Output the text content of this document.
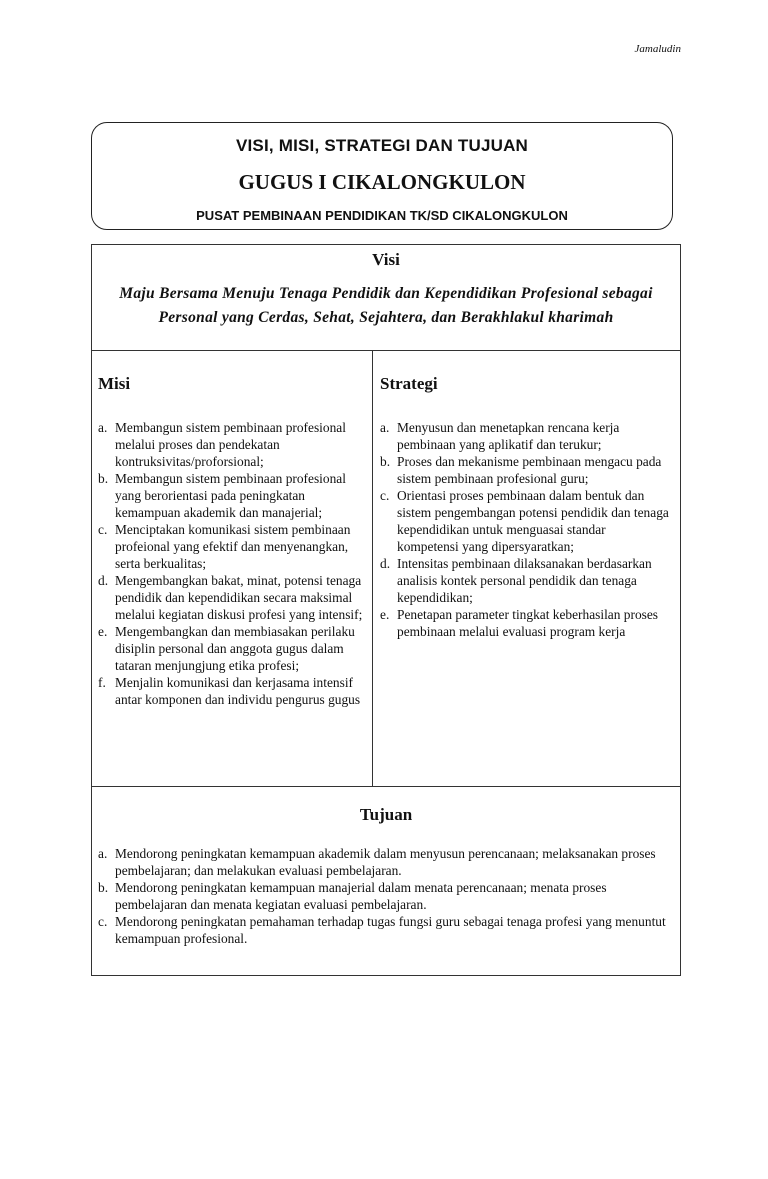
Jamaludin
VISI, MISI, STRATEGI DAN TUJUAN
GUGUS I CIKALONGKULON
PUSAT PEMBINAAN PENDIDIKAN TK/SD CIKALONGKULON
Visi
Maju Bersama Menuju Tenaga Pendidik dan Kependidikan Profesional sebagai
Personal yang Cerdas, Sehat, Sejahtera, dan Berakhlakul kharimah
Misi
a. Membangun sistem pembinaan profesional melalui proses dan pendekatan kontruksivitas/proforsional;
b. Membangun sistem pembinaan profesional yang berorientasi pada peningkatan kemampuan akademik dan manajerial;
c. Menciptakan komunikasi sistem pembinaan profeional yang efektif dan menyenangkan, serta berkualitas;
d. Mengembangkan bakat, minat, potensi tenaga pendidik dan kependidikan secara maksimal melalui kegiatan diskusi profesi yang intensif;
e. Mengembangkan dan membiasakan perilaku disiplin personal dan anggota gugus dalam tataran menjungjung etika profesi;
f. Menjalin komunikasi dan kerjasama intensif antar komponen dan individu pengurus gugus
Strategi
a. Menyusun dan menetapkan rencana kerja pembinaan yang aplikatif dan terukur;
b. Proses dan mekanisme pembinaan mengacu pada sistem pembinaan profesional guru;
c. Orientasi proses pembinaan dalam bentuk dan sistem pengembangan potensi pendidik dan tenaga kependidikan untuk menguasai standar kompetensi yang dipersyaratkan;
d. Intensitas pembinaan dilaksanakan berdasarkan analisis kontek personal pendidik dan tenaga kependidikan;
e. Penetapan parameter tingkat keberhasilan proses pembinaan melalui evaluasi program kerja
Tujuan
a. Mendorong peningkatan kemampuan akademik dalam menyusun perencanaan; melaksanakan proses pembelajaran; dan melakukan evaluasi pembelajaran.
b. Mendorong peningkatan kemampuan manajerial dalam menata perencanaan; menata proses pembelajaran dan menata kegiatan evaluasi pembelajaran.
c. Mendorong peningkatan pemahaman terhadap tugas fungsi guru sebagai tenaga profesi yang menuntut kemampuan profesional.
